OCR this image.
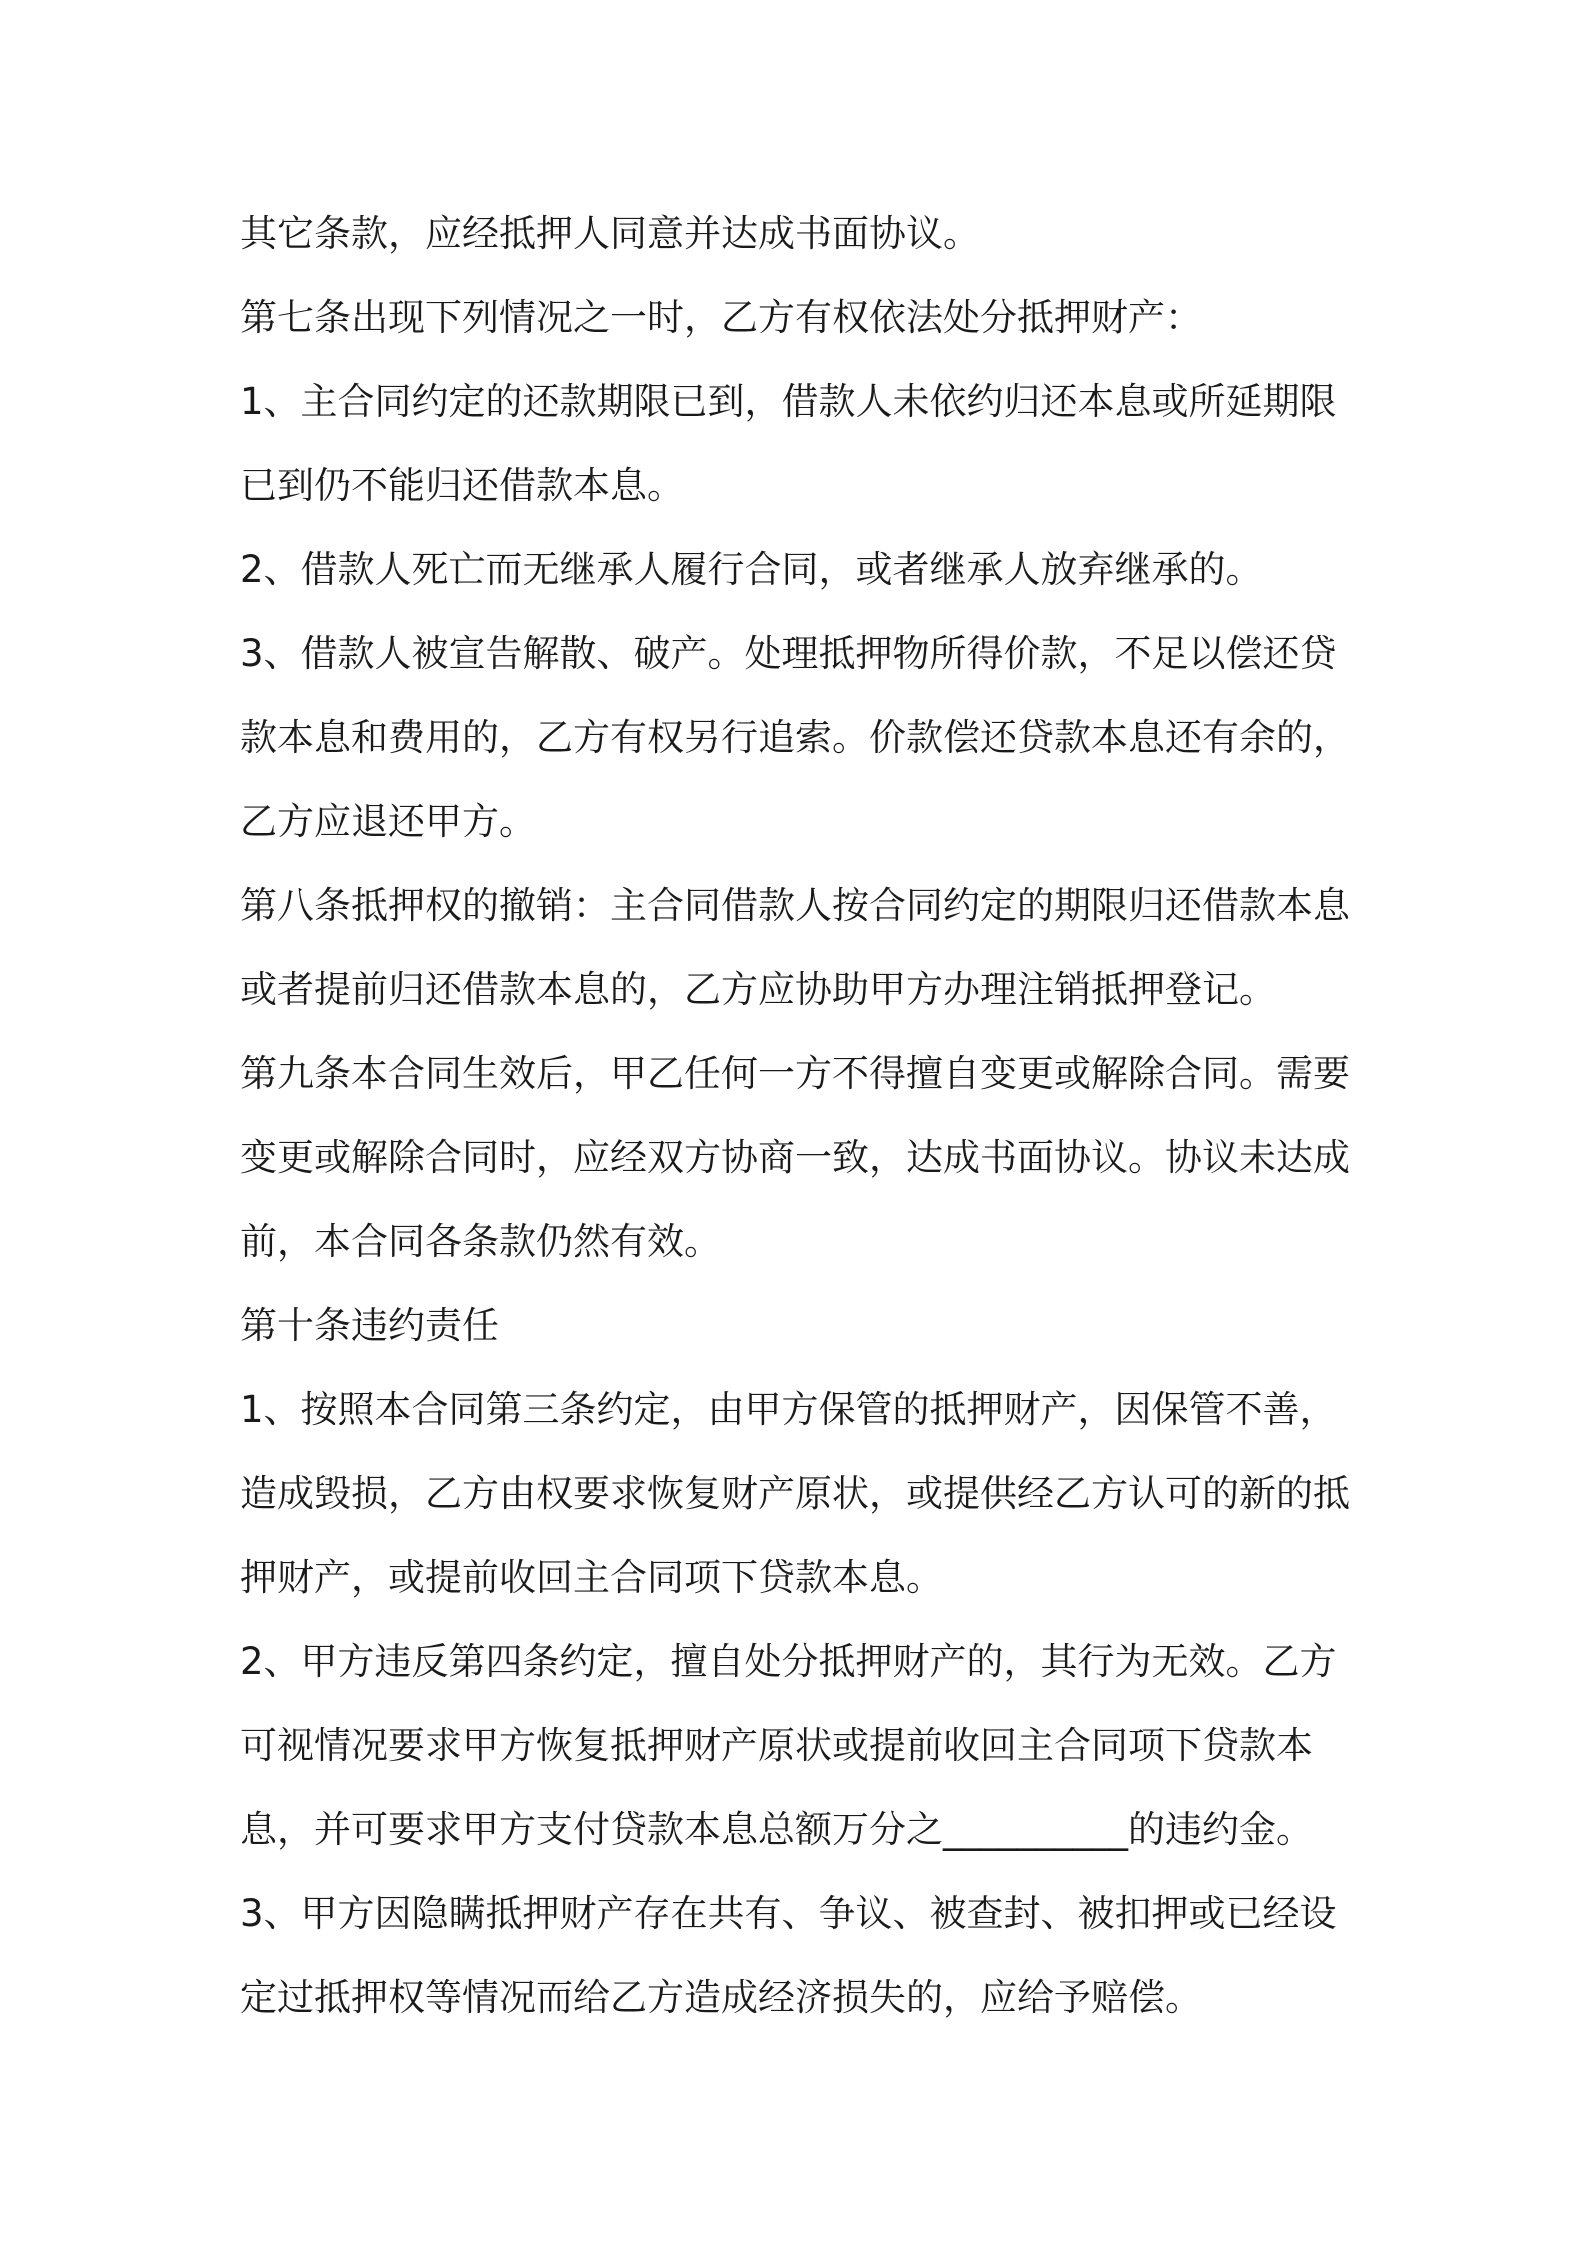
其它条款，应经抵押人同意并达成书面协议。

第七条出现下列情况之一时，乙方有权依法处分抵押财产：

1、主合同约定的还款期限已到，借款人未依约归还本息或所延期限已到仍不能归还借款本息。

2、借款人死亡而无继承人履行合同，或者继承人放弃继承的。

3、借款人被宣告解散、破产。处理抵押物所得价款，不足以偿还贷款本息和费用的，乙方有权另行追索。价款偿还贷款本息还有余的，乙方应退还甲方。

第八条抵押权的撤销：主合同借款人按合同约定的期限归还借款本息或者提前归还借款本息的，乙方应协助甲方办理注销抵押登记。

第九条本合同生效后，甲乙任何一方不得擅自变更或解除合同。需要变更或解除合同时，应经双方协商一致，达成书面协议。协议未达成前，本合同各条款仍然有效。

第十条违约责任

1、按照本合同第三条约定，由甲方保管的抵押财产，因保管不善，造成毁损，乙方由权要求恢复财产原状，或提供经乙方认可的新的抵押财产，或提前收回主合同项下贷款本息。

2、甲方违反第四条约定，擅自处分抵押财产的，其行为无效。乙方可视情况要求甲方恢复抵押财产原状或提前收回主合同项下贷款本息，并可要求甲方支付贷款本息总额万分之__________的违约金。

3、甲方因隐瞒抵押财产存在共有、争议、被查封、被扣押或已经设定过抵押权等情况而给乙方造成经济损失的，应给予赔偿。
